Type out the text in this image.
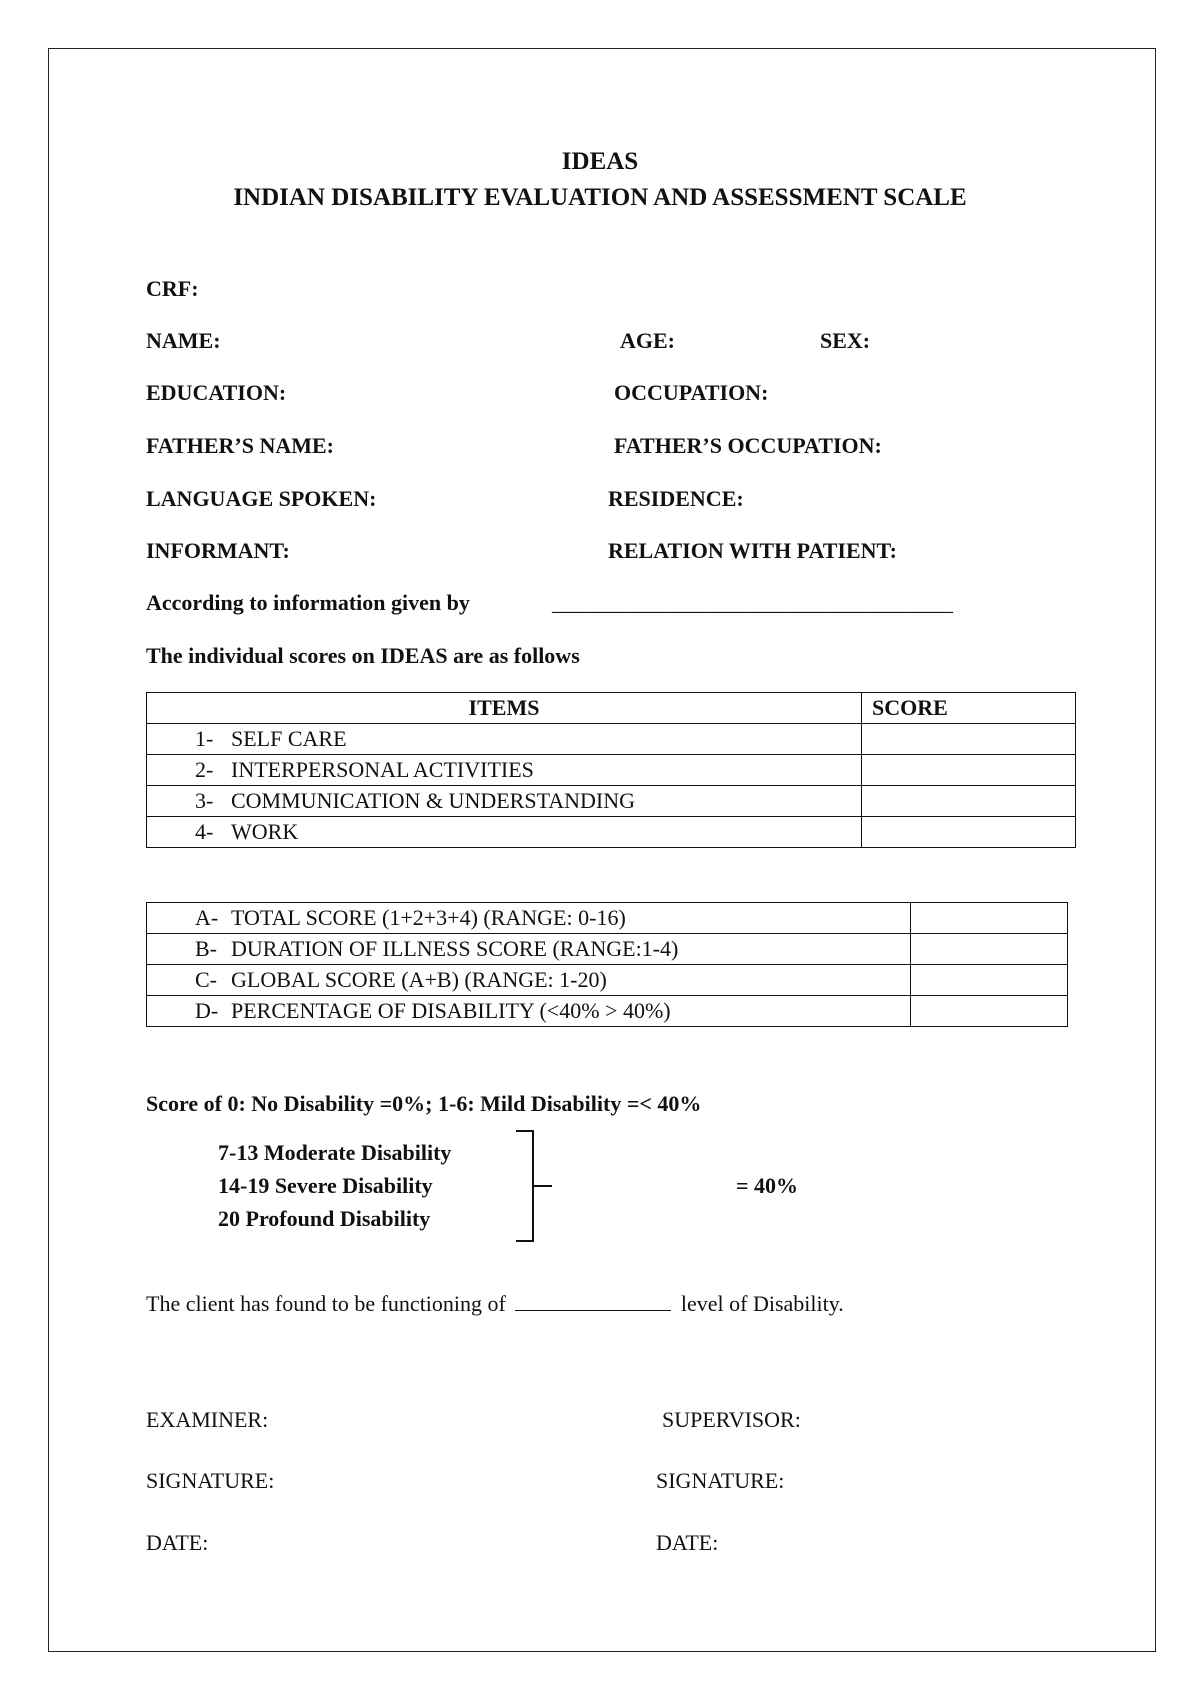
IDEAS
INDIAN DISABILITY EVALUATION AND ASSESSMENT SCALE
CRF:
NAME:	AGE:	SEX:
EDUCATION:	OCCUPATION:
FATHER’S NAME:	FATHER’S OCCUPATION:
LANGUAGE SPOKEN:	RESIDENCE:
INFORMANT:	RELATION WITH PATIENT:
According to information given by	________________________________________
The individual scores on IDEAS are as follows
ITEMS	SCORE
1- SELF CARE	
2- INTERPERSONAL ACTIVITIES	
3- COMMUNICATION & UNDERSTANDING	
4- WORK	
A- TOTAL SCORE (1+2+3+4) (RANGE: 0-16)	
B- DURATION OF ILLNESS SCORE (RANGE:1-4)	
C- GLOBAL SCORE (A+B) (RANGE: 1-20)	
D- PERCENTAGE OF DISABILITY (<40% > 40%)	
Score of 0: No Disability =0%; 1-6: Mild Disability =< 40%
7-13 Moderate Disability
14-19 Severe Disability
20 Profound Disability
= 40%
The client has found to be functioning of	level of Disability.
EXAMINER:	SUPERVISOR:
SIGNATURE:	SIGNATURE:
DATE:	DATE:
